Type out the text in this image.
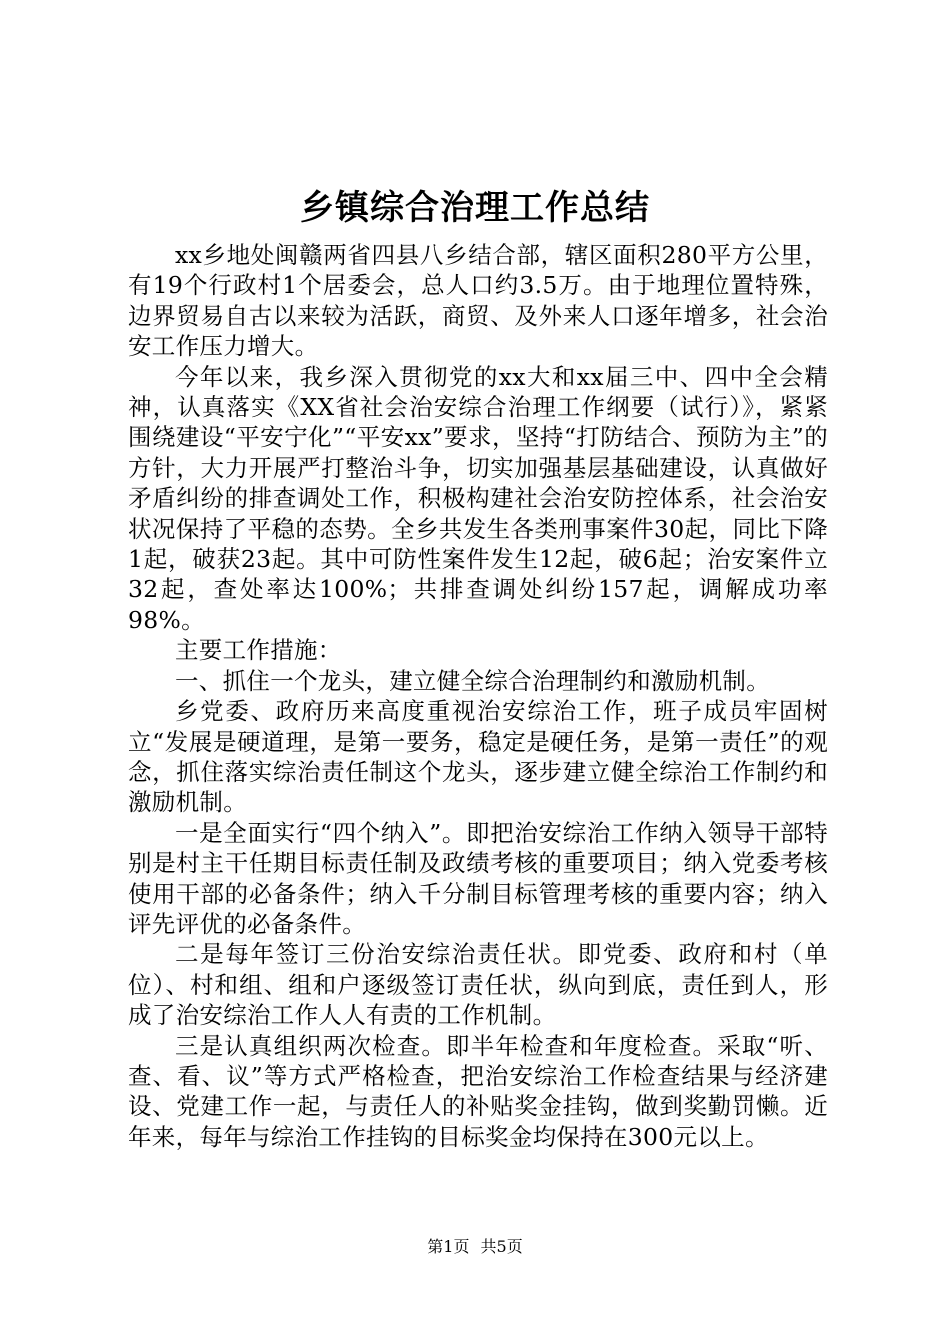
乡镇综合治理工作总结

xx乡地处闽赣两省四县八乡结合部，辖区面积280平方公里，有19个行政村1个居委会，总人口约3.5万。由于地理位置特殊，边界贸易自古以来较为活跃，商贸、及外来人口逐年增多，社会治安工作压力增大。

今年以来，我乡深入贯彻党的xx大和xx届三中、四中全会精神，认真落实《XX省社会治安综合治理工作纲要（试行）》，紧紧围绕建设“平安宁化”“平安xx”要求，坚持“打防结合、预防为主”的方针，大力开展严打整治斗争，切实加强基层基础建设，认真做好矛盾纠纷的排查调处工作，积极构建社会治安防控体系，社会治安状况保持了平稳的态势。全乡共发生各类刑事案件30起，同比下降1起，破获23起。其中可防性案件发生12起，破6起；治安案件立32起，查处率达100%；共排查调处纠纷157起，调解成功率98%。

主要工作措施：

一、抓住一个龙头，建立健全综合治理制约和激励机制。

乡党委、政府历来高度重视治安综治工作，班子成员牢固树立“发展是硬道理，是第一要务，稳定是硬任务，是第一责任”的观念，抓住落实综治责任制这个龙头，逐步建立健全综治工作制约和激励机制。

一是全面实行“四个纳入”。即把治安综治工作纳入领导干部特别是村主干任期目标责任制及政绩考核的重要项目；纳入党委考核使用干部的必备条件；纳入千分制目标管理考核的重要内容；纳入评先评优的必备条件。

二是每年签订三份治安综治责任状。即党委、政府和村（单位）、村和组、组和户逐级签订责任状，纵向到底，责任到人，形成了治安综治工作人人有责的工作机制。

三是认真组织两次检查。即半年检查和年度检查。采取“听、查、看、议”等方式严格检查，把治安综治工作检查结果与经济建设、党建工作一起，与责任人的补贴奖金挂钩，做到奖勤罚懒。近年来，每年与综治工作挂钩的目标奖金均保持在300元以上。

第1页 共5页
